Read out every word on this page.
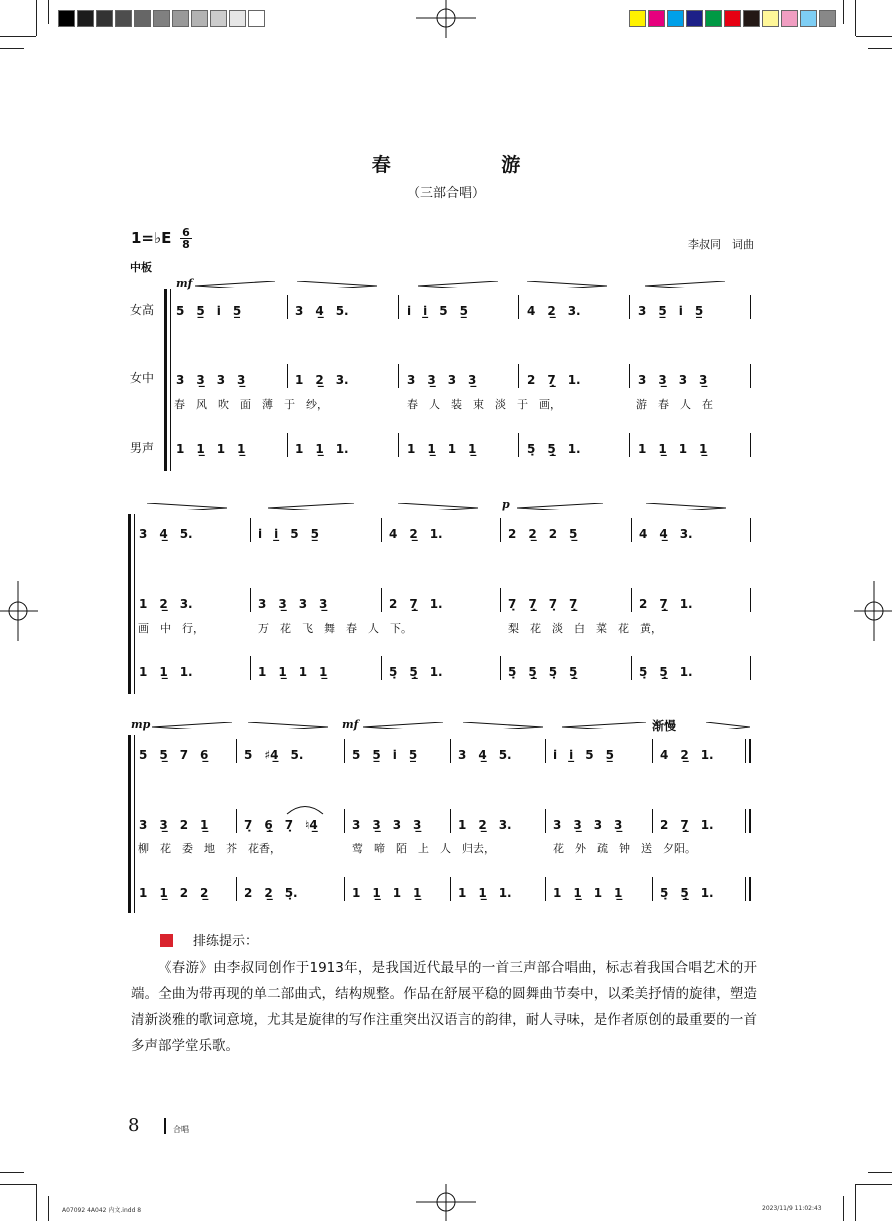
春 游
（三部合唱）
1=♭E 6
8	李叔同　词曲
中板
女高
女中
男声
mf
5　5̲　i̇　5̲	3　4̲　5.	i̇　i̲̇　5　5̲	4　2̲　3.	3　5̲　i̇　5̲
3　3̲　3　3̲	1　2̲　3.	3　3̲　3　3̲	2　7̣̲　1.	3　3̲　3　3̲
春　风　吹　面　薄　于　纱，	春　人　装　束　淡　于　画，	游　春　人　在
1　1̲　1　1̲	1　1̲　1.	1　1̲　1　1̲	5̣　5̣̲　1.	1　1̲　1　1̲
p
3　4̲　5.	i̇　i̲̇　5　5̲	4　2̲　1.	2　2̲　2　5̲	4　4̲　3.
1　2̲　3.	3　3̲　3　3̲	2　7̣̲　1.	7̣　7̣̲　7̣　7̣̲	2　7̣̲　1.
画　中　行，	万　花　飞　舞　春　人　下。	梨　花　淡　白　菜　花　黄，
1　1̲　1.	1　1̲　1　1̲	5̣　5̣̲　1.	5̣　5̣̲　5̣　5̣̲	5̣　5̣̲　1.
mp	mf	渐慢
5　5̲　7　6̲	5　♯4̲　5.	5　5̲　i̇　5̲	3　4̲　5.	i̇　i̲̇　5　5̲	4　2̲　1.
3　3̲　2　1̲	7̣　6̣̲　7̣　♮4̲	3　3̲　3　3̲	1　2̲　3.	3　3̲　3　3̲	2　7̣̲　1.
柳　花　委　地　芥　花香，	莺　啼　陌　上　人　归去，	花　外　疏　钟　送　夕阳。
1　1̲　2　2̲	2　2̲　5̣.	1　1̲　1　1̲	1　1̲　1.	1　1̲　1　1̲	5̣　5̣̲　1.
排练提示：
《春游》由李叔同创作于1913年，是我国近代最早的一首三声部合唱曲，标志着我国合唱艺术的开端。全曲为带再现的单二部曲式，结构规整。作品在舒展平稳的圆舞曲节奏中，以柔美抒情的旋律，塑造清新淡雅的歌词意境，尤其是旋律的写作注重突出汉语言的韵律，耐人寻味，是作者原创的最重要的一首多声部学堂乐歌。
8	合唱
A07092 4A042 内文.indd 8	2023/11/9 11:02:43
